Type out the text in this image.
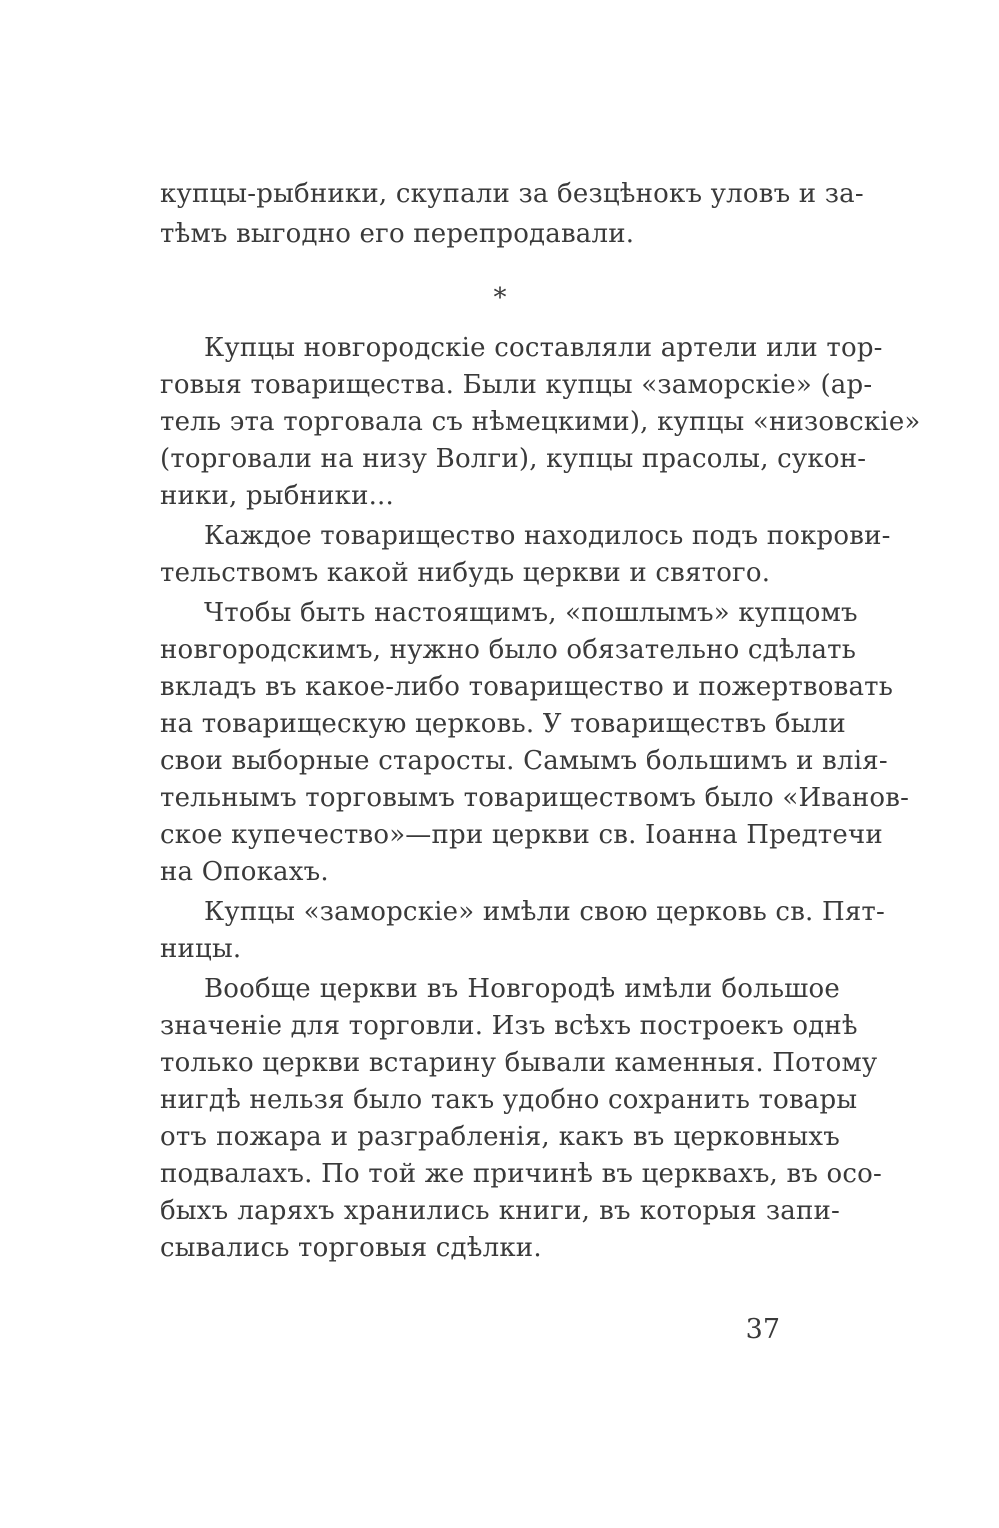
купцы-рыбники, скупали за безцѣнокъ уловъ и за-
тѣмъ выгодно его перепродавали.
*
Купцы новгородскіе составляли артели или тор-
говыя товарищества. Были купцы «заморскіе» (ар-
тель эта торговала съ нѣмецкими), купцы «низовскіе»
(торговали на низу Волги), купцы прасолы, сукон-
ники, рыбники...
Каждое товарищество находилось подъ покрови-
тельствомъ какой нибудь церкви и святого.
Чтобы быть настоящимъ, «пошлымъ» купцомъ
новгородскимъ, нужно было обязательно сдѣлать
вкладъ въ какое-либо товарищество и пожертвовать
на товарищескую церковь. У товариществъ были
свои выборные старосты. Самымъ большимъ и влія-
тельнымъ торговымъ товариществомъ было «Иванов-
ское купечество»—при церкви св. Іоанна Предтечи
на Опокахъ.
Купцы «заморскіе» имѣли свою церковь св. Пят-
ницы.
Вообще церкви въ Новгородѣ имѣли большое
значеніе для торговли. Изъ всѣхъ построекъ однѣ
только церкви встарину бывали каменныя. Потому
нигдѣ нельзя было такъ удобно сохранить товары
отъ пожара и разграбленія, какъ въ церковныхъ
подвалахъ. По той же причинѣ въ церквахъ, въ осо-
быхъ ларяхъ хранились книги, въ которыя запи-
сывались торговыя сдѣлки.
37
